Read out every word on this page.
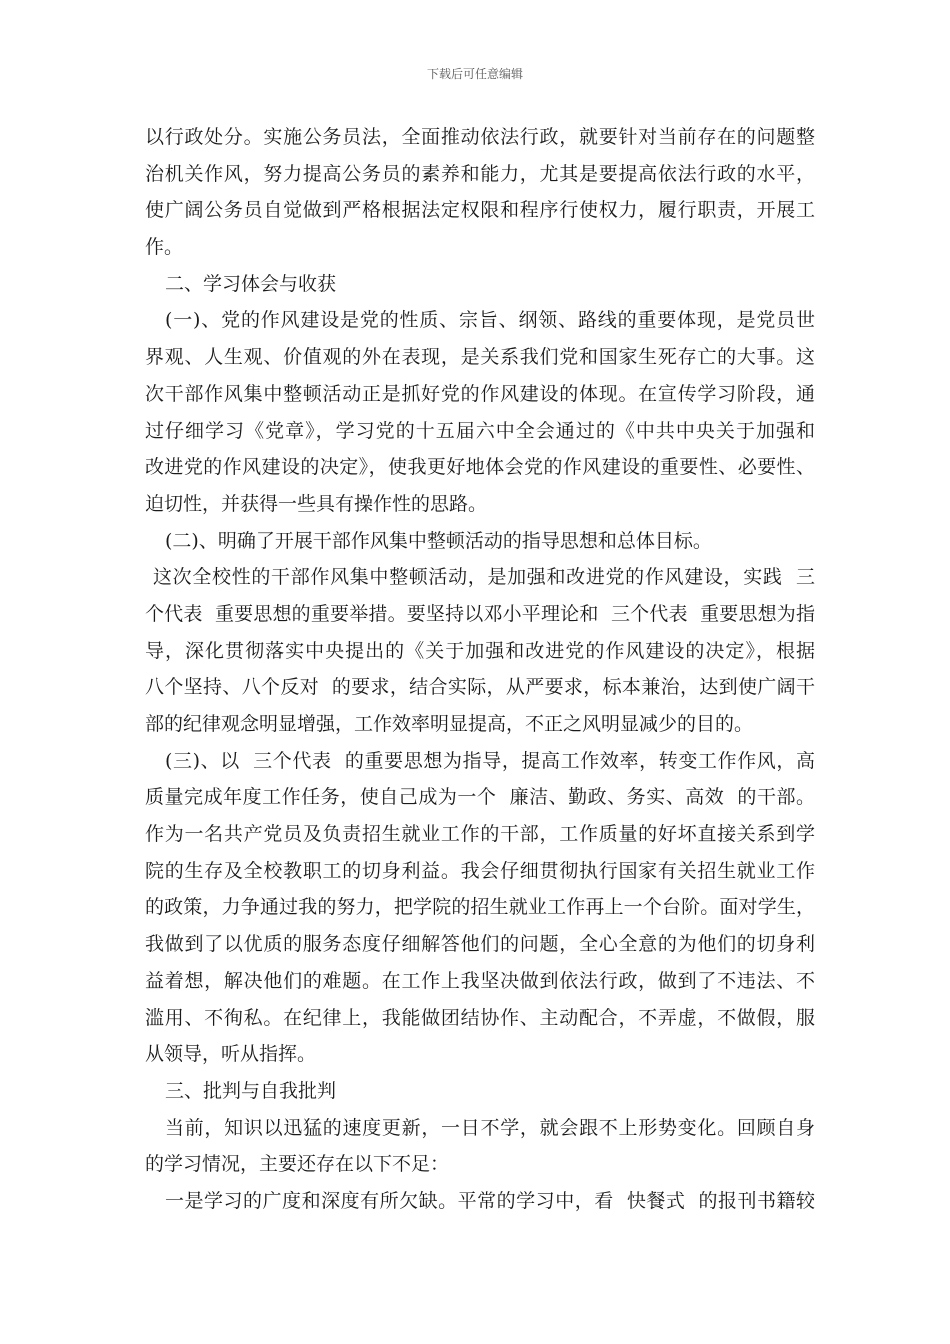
下载后可任意编辑
以行政处分。实施公务员法，全面推动依法行政，就要针对当前存在的问题整
治机关作风，努力提高公务员的素养和能力，尤其是要提高依法行政的水平，
使广阔公务员自觉做到严格根据法定权限和程序行使权力，履行职责，开展工
作。
二、学习体会与收获
(一)、党的作风建设是党的性质、宗旨、纲领、路线的重要体现，是党员世
界观、人生观、价值观的外在表现，是关系我们党和国家生死存亡的大事。这
次干部作风集中整顿活动正是抓好党的作风建设的体现。在宣传学习阶段，通
过仔细学习《党章》，学习党的十五届六中全会通过的《中共中央关于加强和
改进党的作风建设的决定》，使我更好地体会党的作风建设的重要性、必要性、
迫切性，并获得一些具有操作性的思路。
(二)、明确了开展干部作风集中整顿活动的指导思想和总体目标。
这次全校性的干部作风集中整顿活动，是加强和改进党的作风建设，实践  三
个代表  重要思想的重要举措。要坚持以邓小平理论和  三个代表  重要思想为指
导，深化贯彻落实中央提出的《关于加强和改进党的作风建设的决定》，根据
八个坚持、八个反对  的要求，结合实际，从严要求，标本兼治，达到使广阔干
部的纪律观念明显增强，工作效率明显提高，不正之风明显减少的目的。
(三)、以  三个代表  的重要思想为指导，提高工作效率，转变工作作风，高
质量完成年度工作任务，使自己成为一个  廉洁、勤政、务实、高效  的干部。
作为一名共产党员及负责招生就业工作的干部，工作质量的好坏直接关系到学
院的生存及全校教职工的切身利益。我会仔细贯彻执行国家有关招生就业工作
的政策，力争通过我的努力，把学院的招生就业工作再上一个台阶。面对学生，
我做到了以优质的服务态度仔细解答他们的问题，全心全意的为他们的切身利
益着想，解决他们的难题。在工作上我坚决做到依法行政，做到了不违法、不
滥用、不徇私。在纪律上，我能做团结协作、主动配合，不弄虚，不做假，服
从领导，听从指挥。
三、批判与自我批判
当前，知识以迅猛的速度更新，一日不学，就会跟不上形势变化。回顾自身
的学习情况，主要还存在以下不足：
一是学习的广度和深度有所欠缺。平常的学习中，看  快餐式  的报刊书籍较
